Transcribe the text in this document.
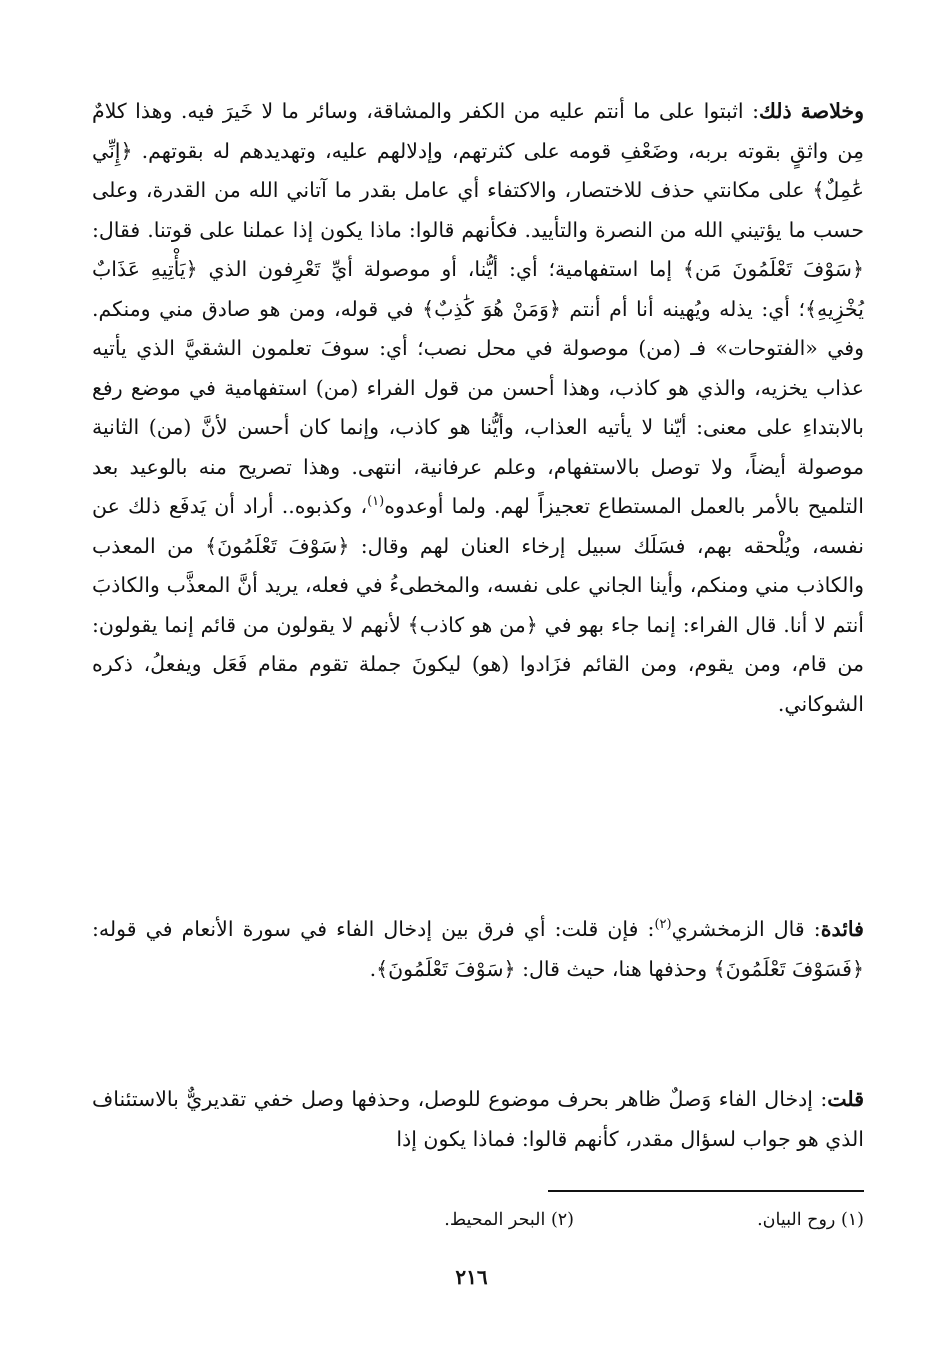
وخلاصة ذلك: اثبتوا على ما أنتم عليه من الكفر والمشاقة، وسائر ما لا خَيرَ فيه. وهذا كلامٌ مِن واثقٍ بقوته بربه، وضَعْفِ قومه على كثرتهم، وإدلالهم عليه، وتهديدهم له بقوتهم. ﴿إِنِّي عَٰمِلٌ﴾ على مكانتي حذف للاختصار، والاكتفاء أي عامل بقدر ما آتاني الله من القدرة، وعلى حسب ما يؤتيني الله من النصرة والتأييد. فكأنهم قالوا: ماذا يكون إذا عملنا على قوتنا. فقال: ﴿سَوْفَ تَعْلَمُونَ مَن﴾ إما استفهامية؛ أي: أيُّنا، أو موصولة أيِّ تَعْرِفون الذي ﴿يَأْتِيهِ عَذَابٌ يُخْزِيهِ﴾؛ أي: يذله ويُهينه أنا أم أنتم ﴿وَمَنْ هُوَ كَٰذِبٌ﴾ في قوله، ومن هو صادق مني ومنكم. وفي «الفتوحات» فـ (من) موصولة في محل نصب؛ أي: سوفَ تعلمون الشقيَّ الذي يأتيه عذاب يخزيه، والذي هو كاذب، وهذا أحسن من قول الفراء (من) استفهامية في موضع رفع بالابتداءِ على معنى: أيّنا لا يأتيه العذاب، وأيُّنا هو كاذب، وإنما كان أحسن لأنَّ (من) الثانية موصولة أيضاً، ولا توصل بالاستفهام، وعلم عرفانية، انتهى. وهذا تصريح منه بالوعيد بعد التلميح بالأمر بالعمل المستطاع تعجيزاً لهم. ولما أوعدوه$^{(١)}$، وكذبوه.. أراد أن يَدفَع ذلك عن نفسه، ويُلْحقه بهم، فسَلَك سبيل إرخاء العنان لهم وقال: ﴿سَوْفَ تَعْلَمُونَ﴾ من المعذب والكاذب مني ومنكم، وأينا الجاني على نفسه، والمخطىءُ في فعله، يريد أنَّ المعذَّب والكاذبَ أنتم لا أنا. قال الفراء: إنما جاء بهو في ﴿من هو كاذب﴾ لأنهم لا يقولون من قائم إنما يقولون: من قام، ومن يقوم، ومن القائم فزَادوا (هو) ليكونَ جملة تقوم مقام فَعَل ويفعلُ، ذكره الشوكاني.

فائدة: قال الزمخشري$^{(٢)}$: فإن قلت: أي فرق بين إدخال الفاء في سورة الأنعام في قوله: ﴿فَسَوْفَ تَعْلَمُونَ﴾ وحذفها هنا، حيث قال: ﴿سَوْفَ تَعْلَمُونَ﴾.

قلت: إدخال الفاء وَصلٌ ظاهر بحرف موضوع للوصل، وحذفها وصل خفي تقديريٌّ بالاستئناف الذي هو جواب لسؤال مقدر، كأنهم قالوا: فماذا يكون إذا

(١) روح البيان.
(٢) البحر المحيط.
٢١٦
